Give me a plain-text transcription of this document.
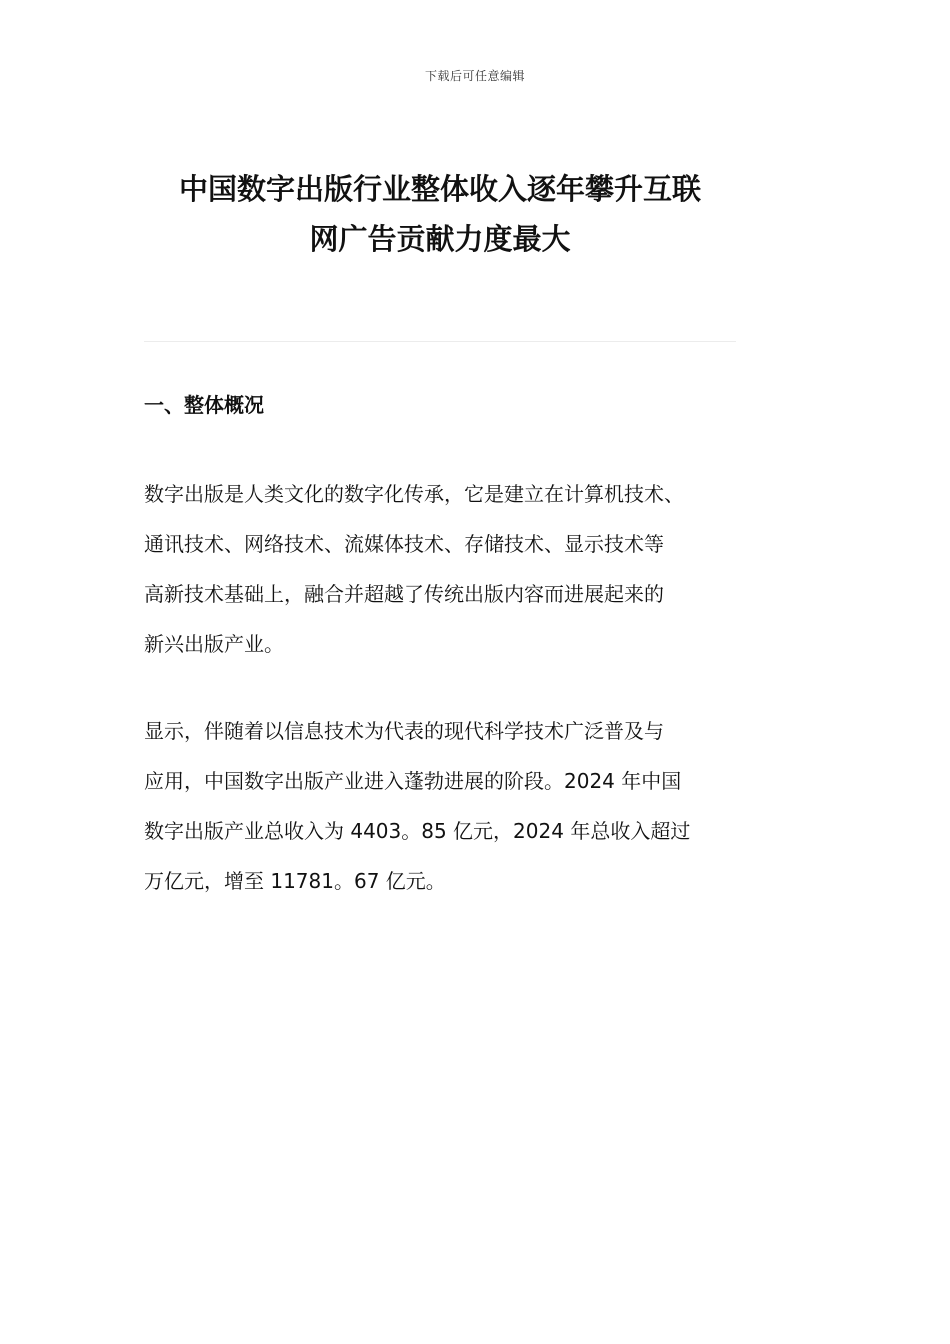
下载后可任意编辑
中国数字出版行业整体收入逐年攀升互联
网广告贡献力度最大
一、整体概况

数字出版是人类文化的数字化传承，它是建立在计算机技术、
通讯技术、网络技术、流媒体技术、存储技术、显示技术等
高新技术基础上，融合并超越了传统出版内容而进展起来的
新兴出版产业。

显示，伴随着以信息技术为代表的现代科学技术广泛普及与
应用，中国数字出版产业进入蓬勃进展的阶段。2024 年中国
数字出版产业总收入为 4403。85 亿元，2024 年总收入超过
万亿元，增至 11781。67 亿元。
